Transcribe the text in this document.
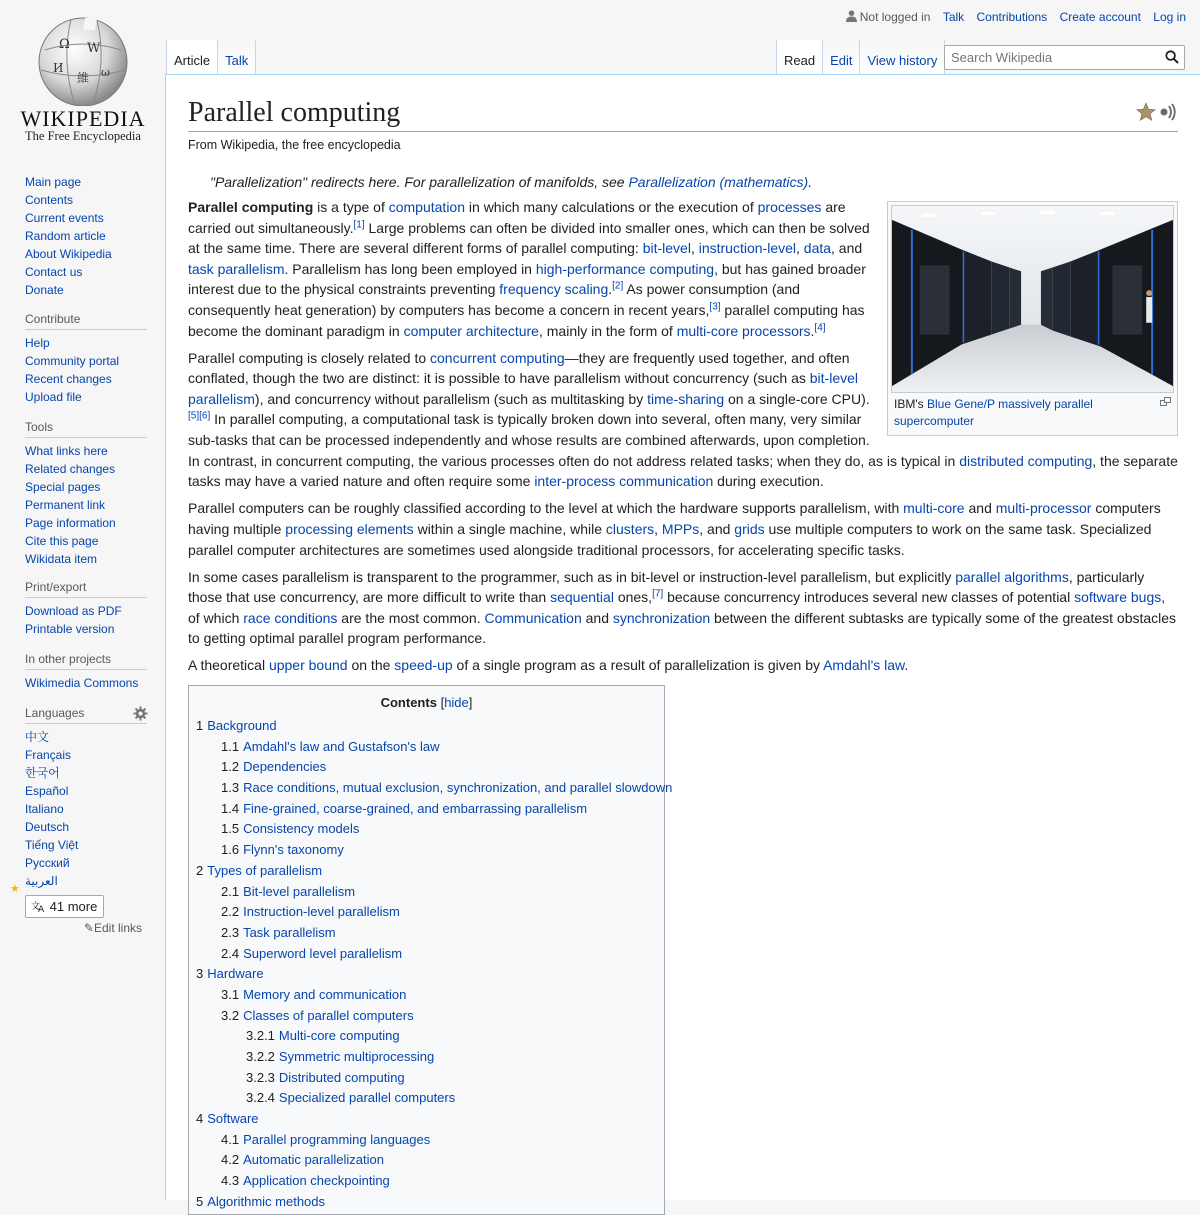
Ω W
И
維 ω
WIKIPEDIA
The Free Encyclopedia
Not logged in Talk Contributions Create account Log in
Article	Talk	Read	Edit	View history
Search Wikipedia
Main page
Contents
Current events
Random article
About Wikipedia
Contact us
Donate
Contribute
Help
Community portal
Recent changes
Upload file
Tools
What links here
Related changes
Special pages
Permanent link
Page information
Cite this page
Wikidata item
Print/export
Download as PDF
Printable version
In other projects
Wikimedia Commons
Languages
中文
Français
한국어
Español
Italiano
Deutsch
Tiếng Việt
Русский
العربية
★
文
A 41 more
✎Edit links
Parallel computing
From Wikipedia, the free encyclopedia
"Parallelization" redirects here. For parallelization of manifolds, see Parallelization (mathematics).
IBM's Blue Gene/P massively parallel supercomputer

Parallel computing is a type of computation in which many calculations or the execution of processes are carried out simultaneously.[1] Large problems can often be divided into smaller ones, which can then be solved at the same time. There are several different forms of parallel computing: bit-level, instruction-level, data, and task parallelism. Parallelism has long been employed in high-performance computing, but has gained broader interest due to the physical constraints preventing frequency scaling.[2] As power consumption (and consequently heat generation) by computers has become a concern in recent years,[3] parallel computing has become the dominant paradigm in computer architecture, mainly in the form of multi-core processors.[4]

Parallel computing is closely related to concurrent computing—they are frequently used together, and often conflated, though the two are distinct: it is possible to have parallelism without concurrency (such as bit-level parallelism), and concurrency without parallelism (such as multitasking by time-sharing on a single-core CPU).[5][6] In parallel computing, a computational task is typically broken down into several, often many, very similar sub-tasks that can be processed independently and whose results are combined afterwards, upon completion. In contrast, in concurrent computing, the various processes often do not address related tasks; when they do, as is typical in distributed computing, the separate tasks may have a varied nature and often require some inter-process communication during execution.

Parallel computers can be roughly classified according to the level at which the hardware supports parallelism, with multi-core and multi-processor computers having multiple processing elements within a single machine, while clusters, MPPs, and grids use multiple computers to work on the same task. Specialized parallel computer architectures are sometimes used alongside traditional processors, for accelerating specific tasks.

In some cases parallelism is transparent to the programmer, such as in bit-level or instruction-level parallelism, but explicitly parallel algorithms, particularly those that use concurrency, are more difficult to write than sequential ones,[7] because concurrency introduces several new classes of potential software bugs, of which race conditions are the most common. Communication and synchronization between the different subtasks are typically some of the greatest obstacles to getting optimal parallel program performance.

A theoretical upper bound on the speed-up of a single program as a result of parallelization is given by Amdahl's law.

Contents [hide]
1 Background
1.1 Amdahl's law and Gustafson's law
1.2 Dependencies
1.3 Race conditions, mutual exclusion, synchronization, and parallel slowdown
1.4 Fine-grained, coarse-grained, and embarrassing parallelism
1.5 Consistency models
1.6 Flynn's taxonomy
2 Types of parallelism
2.1 Bit-level parallelism
2.2 Instruction-level parallelism
2.3 Task parallelism
2.4 Superword level parallelism
3 Hardware
3.1 Memory and communication
3.2 Classes of parallel computers
3.2.1 Multi-core computing
3.2.2 Symmetric multiprocessing
3.2.3 Distributed computing
3.2.4 Specialized parallel computers
4 Software
4.1 Parallel programming languages
4.2 Automatic parallelization
4.3 Application checkpointing
5 Algorithmic methods
